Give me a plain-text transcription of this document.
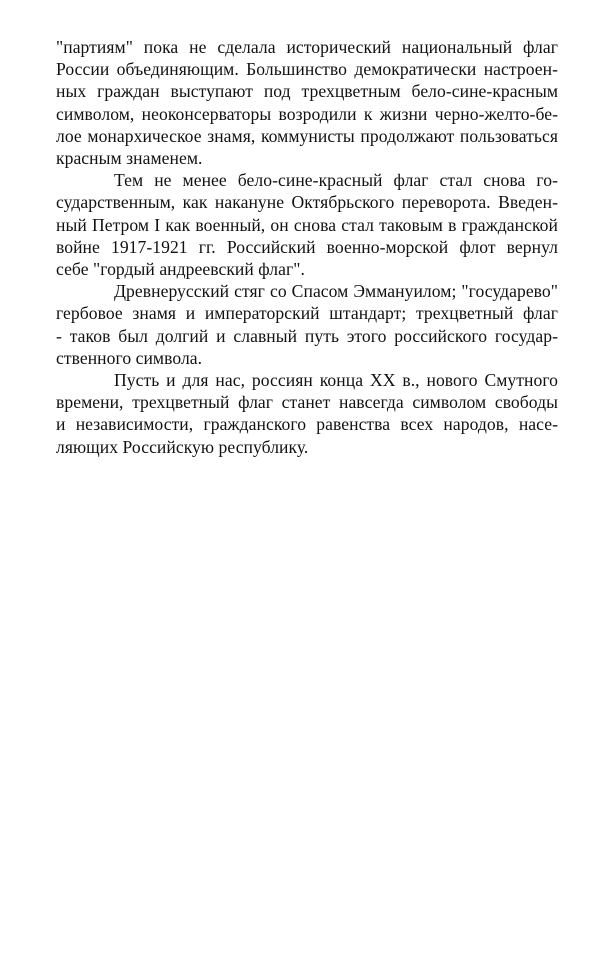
"партиям" пока не сделала исторический национальный флаг
России объединяющим. Большинство демократически настроен-
ных граждан выступают под трехцветным бело-сине-красным
символом, неоконсерваторы возродили к жизни черно-желто-бе-
лое монархическое знамя, коммунисты продолжают пользоваться
красным знаменем.
Тем не менее бело-сине-красный флаг стал снова го-
сударственным, как накануне Октябрьского переворота. Введен-
ный Петром I как военный, он снова стал таковым в гражданской
войне 1917-1921 гг. Российский военно-морской флот вернул
себе "гордый андреевский флаг".
Древнерусский стяг со Спасом Эммануилом; "государево"
гербовое знамя и императорский штандарт; трехцветный флаг
- таков был долгий и славный путь этого российского государ-
ственного символа.
Пусть и для нас, россиян конца XX в., нового Смутного
времени, трехцветный флаг станет навсегда символом свободы
и независимости, гражданского равенства всех народов, насе-
ляющих Российскую республику.
